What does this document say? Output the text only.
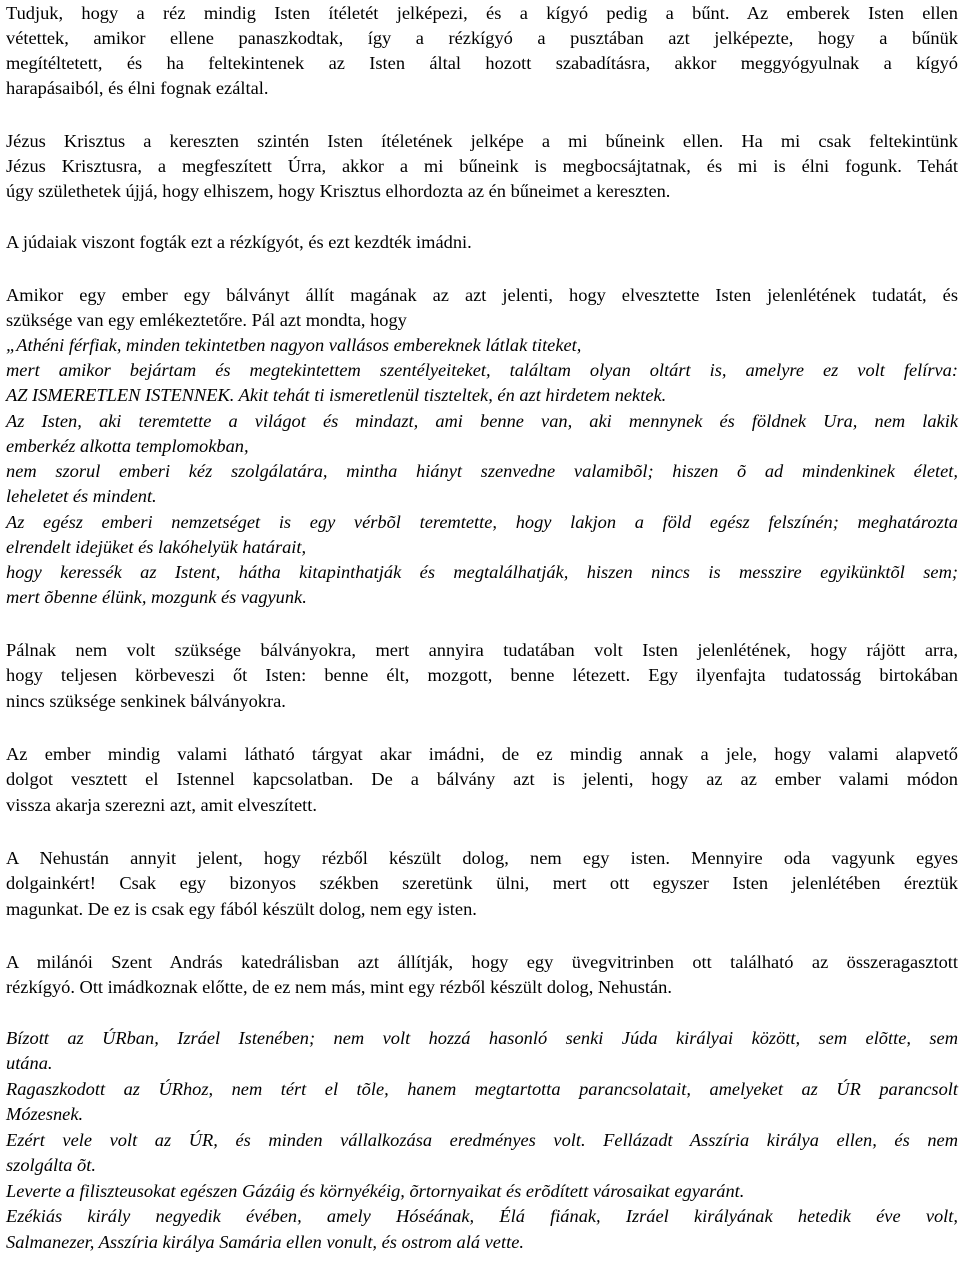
Tudjuk, hogy a réz mindig Isten ítéletét jelképezi, és a kígyó pedig a bűnt. Az emberek Isten ellen
vétettek, amikor ellene panaszkodtak, így a rézkígyó a pusztában azt jelképezte, hogy a bűnük
megítéltetett, és ha feltekintenek az Isten által hozott szabadításra, akkor meggyógyulnak a kígyó
harapásaiból, és élni fognak ezáltal.
Jézus Krisztus a kereszten szintén Isten ítéletének jelképe a mi bűneink ellen. Ha mi csak feltekintünk
Jézus Krisztusra, a megfeszített Úrra, akkor a mi bűneink is megbocsájtatnak, és mi is élni fogunk. Tehát
úgy születhetek újjá, hogy elhiszem, hogy Krisztus elhordozta az én bűneimet a kereszten.
A júdaiak viszont fogták ezt a rézkígyót, és ezt kezdték imádni.
Amikor egy ember egy bálványt állít magának az azt jelenti, hogy elvesztette Isten jelenlétének tudatát, és
szüksége van egy emlékeztetőre. Pál azt mondta, hogy
„Athéni férfiak, minden tekintetben nagyon vallásos embereknek látlak titeket,
mert amikor bejártam és megtekintettem szentélyeiteket, találtam olyan oltárt is, amelyre ez volt felírva:
AZ ISMERETLEN ISTENNEK. Akit tehát ti ismeretlenül tiszteltek, én azt hirdetem nektek.
Az Isten, aki teremtette a világot és mindazt, ami benne van, aki mennynek és földnek Ura, nem lakik
emberkéz alkotta templomokban,
nem szorul emberi kéz szolgálatára, mintha hiányt szenvedne valamibõl; hiszen õ ad mindenkinek életet,
leheletet és mindent.
Az egész emberi nemzetséget is egy vérbõl teremtette, hogy lakjon a föld egész felszínén; meghatározta
elrendelt idejüket és lakóhelyük határait,
hogy keressék az Istent, hátha kitapinthatják és megtalálhatják, hiszen nincs is messzire egyikünktõl sem;
mert õbenne élünk, mozgunk és vagyunk.
Pálnak nem volt szüksége bálványokra, mert annyira tudatában volt Isten jelenlétének, hogy rájött arra,
hogy teljesen körbeveszi őt Isten: benne élt, mozgott, benne létezett. Egy ilyenfajta tudatosság birtokában
nincs szüksége senkinek bálványokra.
Az ember mindig valami látható tárgyat akar imádni, de ez mindig annak a jele, hogy valami alapvető
dolgot vesztett el Istennel kapcsolatban. De a bálvány azt is jelenti, hogy az az ember valami módon
vissza akarja szerezni azt, amit elveszített.
A Nehustán annyit jelent, hogy rézből készült dolog, nem egy isten. Mennyire oda vagyunk egyes
dolgainkért! Csak egy bizonyos székben szeretünk ülni, mert ott egyszer Isten jelenlétében éreztük
magunkat. De ez is csak egy fából készült dolog, nem egy isten.
A milánói Szent András katedrálisban azt állítják, hogy egy üvegvitrinben ott található az összeragasztott
rézkígyó. Ott imádkoznak előtte, de ez nem más, mint egy rézből készült dolog, Nehustán.
Bízott az ÚRban, Izráel Istenében; nem volt hozzá hasonló senki Júda királyai között, sem elõtte, sem
utána.
Ragaszkodott az ÚRhoz, nem tért el tõle, hanem megtartotta parancsolatait, amelyeket az ÚR parancsolt
Mózesnek.
Ezért vele volt az ÚR, és minden vállalkozása eredményes volt. Fellázadt Asszíria királya ellen, és nem
szolgálta õt.
Leverte a filiszteusokat egészen Gázáig és környékéig, õrtornyaikat és erõdített városaikat egyaránt.
Ezékiás király negyedik évében, amely Hóséának, Élá fiának, Izráel királyának hetedik éve volt,
Salmanezer, Asszíria királya Samária ellen vonult, és ostrom alá vette.
